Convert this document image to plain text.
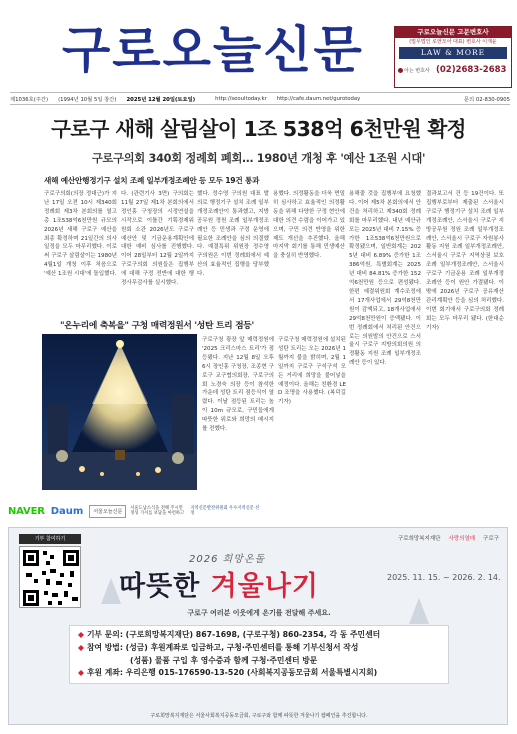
구로오늘신문	구로오늘신문 고문변호사
(법무법인 로앤모어 대표) 변호사 이재윤
LAW & MORE
아는 변호사 (02)2683-2683
제1036호(주간) (1994년 10월 5일 창간) 2025년 12월 20일(토요일)	http://seoultoday.kr http://cafe.daum.net/gurotoday	문의 02-830-0905
구로구 새해 살림살이 1조 538억 6천만원 확정
구로구의회 340회 정례회 폐회… 1980년 개청 후 '예산 1조원 시대'
새해 예산안행정기구 설치 조례 일부개정조례안 등 모두 19건 통과
구로구의회(의장 정대근)가 지난 17일 오전 10시 제340회 정례회 제3차 본회의를 열고 총 1조538억6천만원 규모의 2026년 새해 구로구 예산을 최종 확정하며 21일간의 의사일정을 모두 마무리했다. 이로써 구로구 살림살이는 1980년 4월1일 개청 이후 처음으로 '예산 1조원 시대'에 돌입했다.
다. (관련기사 3면) 구의회는 11월 27일 제1차 본회의에서 정인홍 구청장의 시정연설을 시작으로 이틀간 기획경제위원회 소관 2026년도 구로구 예산안 및 기금운용계획안에 대한 예비 심사를 진행했다. 이어 28일부터 12월 2일까지 구로구의회 의원들은 집행부에 대해 구정 전반에 대한 행정사무감사를 실시했다.
했다. 정수영 구의원 대표 발의로 행정기구 설치 조례 일부개정조례안이 통과했고, 지방공무원 정원 조례 일부개정조례안 등 민생과 구정 운영에 필요한 조례안을 심의 의결했다. 예결특위 위원장 정수영 구의원은 이번 정례회에서 예산의 효율적인 집행을 당부했다.
용했다. 의정활동을 더욱 면밀히 심사하고 효율적인 의정활동을 위해 다양한 구정 현안에 대한 의견 수렴을 이어가고 있으며, 구민 의견 반영을 위한 제도 개선을 추진했다. 올해 마지막 회기를 통해 민생예산을 충실히 반영했다.
용해줄 것을 집행부에 요청했다. 이어 제5차 본회의에서 안건을 처리하고 제340회 정례회를 마무리했다. 내년 예산규모는 2025년 대비 7.15% 증가한 1조538억6천만원으로 확정됐으며, 일반회계는 2025년 대비 6.89% 증가한 1조386억원, 특별회계는 2025년 대비 84.81% 증가한 152억6천만원 등으로 편성됐다. 한편 예결위원회 계수조정에서 17개사업에서 29억8천만원이 감액되고, 18개사업에서 29억8천만원이 증액됐다. 이번 정례회에서 처리된 안건으로는 의원발의 안건으로 스서울시 구로구 지방의회의원 의정활동 지원 조례 일부개정조례안 등이 있다.
결과보고서 건 등 19건이다. 또 집행부로부터 제출된 스서울시 구로구 행정기구 설치 조례 일부개정조례안, 스서울시 구로구 지방공무원 정원 조례 일부개정조례안, 스서울시 구로구 자원봉사활동 지원 조례 일부개정조례안, 스서울시 구로구 지역상권 보호 조례 일부개정조례안, 스서울시 구로구 기금운용 조례 일부개정조례안 등이 원안 가결됐다. 이밖에 2026년 구로구 공유재산 관리계획안 등을 심의 처리했다. 이번 회기에서 구로구의회 정례회는 모두 마무리 됐다. (한대순 기자)
"온누리에 축복을" 구청 매력정원서 '성탄 트리 점등'
구로구청 광장 앞 매력정원에 '2025 크리스마스 트리'가 점등됐다. 지난 12월 8일 오후 6시 장인홍 구청장, 조종현 구로구 교구협의회장, 구로구의회 노경숙 의장 등이 참석한 가운데 성탄 트리 점등식이 열렸다. 이날 점등된 트리는 높이 10m 규모로, 구민들에게 따뜻한 위로와 희망의 메시지를 전했다.
구로구청 매력정원에 설치된 성탄 트리는 오는 2026년 1월까지 불을 밝히며, 2월 1일까지 구로구 구석구석 모든 거리에 희망을 불어넣을 예정이다. 올해는 친환경 LED 조명을 사용했다. (복덕길 기자)
NAVER Daum	서울오늘신문	서울도남소식을 전해 주시면 정성 가서를 보답을 마련하고
지역신문발전위원회 우수지역신문 선정
기부 참여하기	구로희망복지재단 사랑의열매 구로구
2026 희망온돌
따뜻한 겨울나기	2025. 11. 15. ~ 2026. 2. 14.
구로구 여러분 이웃에게 온기를 전달해 주세요.
◆ 기부 문의: (구로희망복지재단) 867-1698, (구로구청) 860-2354, 각 동 주민센터
◆ 참여 방법: (성금) 후원계좌로 입금하고, 구청·주민센터를 통해 기부신청서 작성
(성품) 물품 구입 후 영수증과 함께 구청·주민센터 방문
◆ 후원 계좌: 우리은행 015-176590-13-520 (사회복지공동모금회 서울특별시지회)
구로희망복지재단은 서울사회복지공동모금회, 구로구와 함께 따뜻한 겨울나기 캠페인을 추진합니다.
